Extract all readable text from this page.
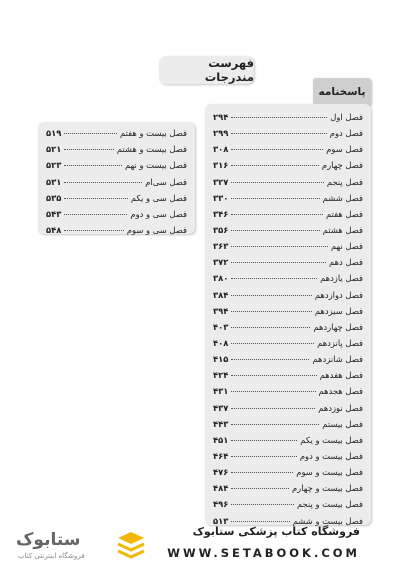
فهرست مندرجات
پاسخنامه
فصل اول
۲۹۴
فصل دوم
۲۹۹
فصل سوم
۳۰۸
فصل چهارم
۳۱۶
فصل پنجم
۳۲۷
فصل ششم
۳۳۰
فصل هفتم
۳۴۶
فصل هشتم
۳۵۶
فصل نهم
۳۶۳
فصل دهم
۳۷۲
فصل یازدهم
۳۸۰
فصل دوازدهم
۳۸۴
فصل سیزدهم
۳۹۴
فصل چهاردهم
۴۰۳
فصل پانزدهم
۴۰۸
فصل شانزدهم
۴۱۵
فصل هفدهم
۴۲۴
فصل هجدهم
۴۳۱
فصل نوزدهم
۴۳۷
فصل بیستم
۴۴۳
فصل بیست و یکم
۴۵۱
فصل بیست و دوم
۴۶۴
فصل بیست و سوم
۴۷۶
فصل بیست و چهارم
۴۸۴
فصل بیست و پنجم
۴۹۶
فصل بیست و ششم
۵۱۳
فصل بیست و هفتم
۵۱۹
فصل بیست و هشتم
۵۲۱
فصل بیست و نهم
۵۲۳
فصل سی‌ام
۵۳۱
فصل سی و یکم
۵۳۵
فصل سی و دوم
۵۴۳
فصل سی و سوم
۵۴۸
ستابوک
فروشگاه اینترنتی کتاب
فروشگاه کتاب پزشکی ستابوک
WWW.SETABOOK.COM
